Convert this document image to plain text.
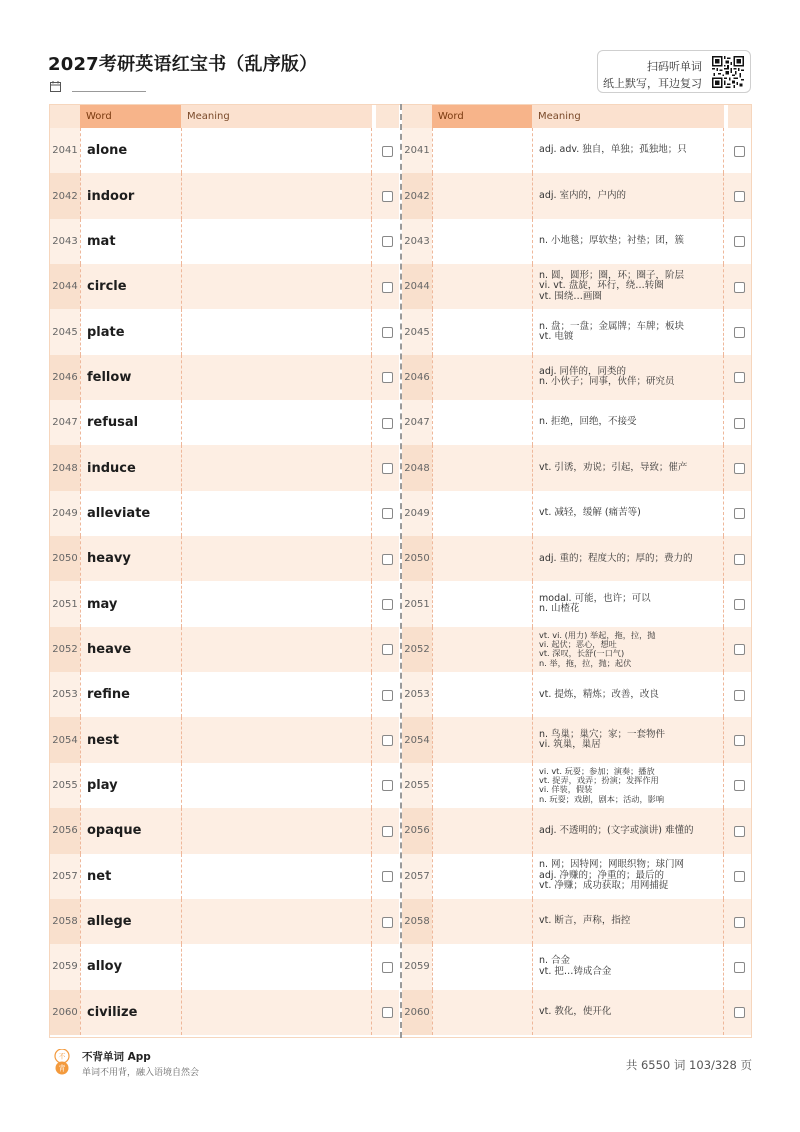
2027考研英语红宝书（乱序版）	扫码听单词
纸上默写，耳边复习
Word	Meaning
2041 alone
2042 indoor
2043 mat
2044 circle
2045 plate
2046 fellow
2047 refusal
2048 induce
2049 alleviate
2050 heavy
2051 may
2052 heave
2053 refine
2054 nest
2055 play
2056 opaque
2057 net
2058 allege
2059 alloy
2060 civilize
Word	Meaning
2041	adj. adv. 独自，单独；孤独地；只
2042	adj. 室内的，户内的
2043	n. 小地毯；厚软垫；衬垫；团，簇
2044
n. 圆，圆形；圈，环；圈子，阶层
vi. vt. 盘旋，环行，绕…转圈
vt. 围绕…画圈
2045
n. 盘；一盘；金属牌；车牌；板块
vt. 电镀
2046
adj. 同伴的，同类的
n. 小伙子；同事，伙伴；研究员
2047	n. 拒绝，回绝，不接受
2048	vt. 引诱，劝说；引起，导致；催产
2049	vt. 减轻，缓解 (痛苦等)
2050	adj. 重的；程度大的；厚的；费力的
2051
modal. 可能，也许；可以
n. 山楂花
2052
vt. vi. (用力) 举起，拖，拉，抛
vi. 起伏；恶心，想吐
vt. 深叹，长舒(一口气)
n. 举，拖，拉，抛；起伏
2053	vt. 提炼，精炼；改善，改良
2054
n. 鸟巢；巢穴；家；一套物件
vi. 筑巢，巢居
2055
vi. vt. 玩耍；参加；演奏；播放
vt. 捉弄，戏弄；扮演；发挥作用
vi. 佯装，假装
n. 玩耍；戏剧，剧本；活动，影响
2056	adj. 不透明的；(文字或演讲) 难懂的
2057
n. 网；因特网；网眼织物；球门网
adj. 净赚的；净重的；最后的
vt. 净赚；成功获取；用网捕捉
2058	vt. 断言，声称，指控
2059
n. 合金
vt. 把…铸成合金
2060	vt. 教化，使开化
不
背
不背单词 App
单词不用背，融入语境自然会
共 6550 词 103/328 页
